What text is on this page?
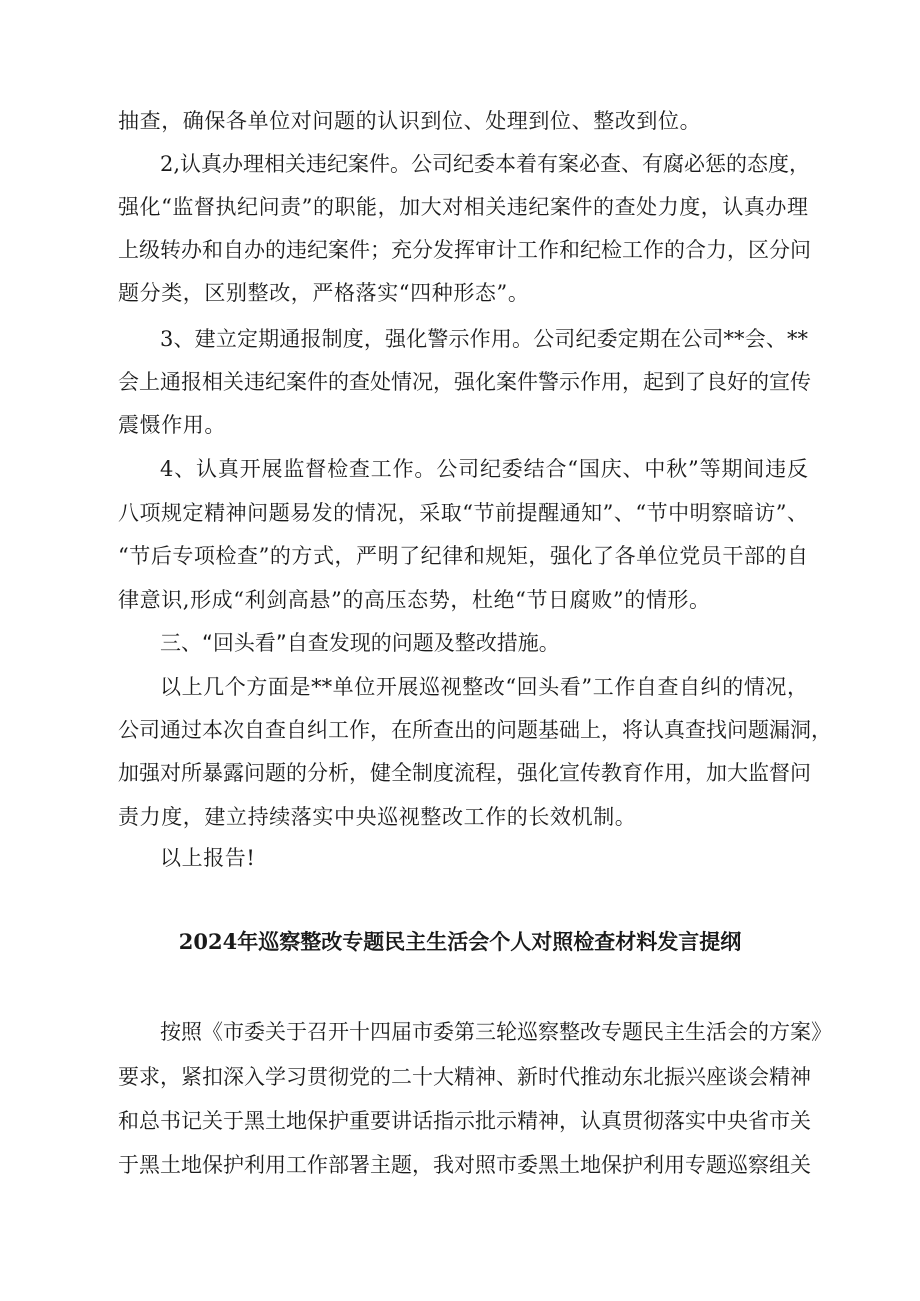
抽查，确保各单位对问题的认识到位、处理到位、整改到位。
2,认真办理相关违纪案件。公司纪委本着有案必查、有腐必惩的态度，
强化“监督执纪问责”的职能，加大对相关违纪案件的查处力度，认真办理
上级转办和自办的违纪案件；充分发挥审计工作和纪检工作的合力，区分问
题分类，区别整改，严格落实“四种形态”。
3、建立定期通报制度，强化警示作用。公司纪委定期在公司**会、**
会上通报相关违纪案件的查处情况，强化案件警示作用，起到了良好的宣传
震慑作用。
4、认真开展监督检查工作。公司纪委结合“国庆、中秋”等期间违反
八项规定精神问题易发的情况，采取“节前提醒通知”、“节中明察暗访”、
“节后专项检查”的方式，严明了纪律和规矩，强化了各单位党员干部的自
律意识,形成“利剑高悬”的高压态势，杜绝“节日腐败”的情形。
三、“回头看”自查发现的问题及整改措施。
以上几个方面是**单位开展巡视整改“回头看”工作自查自纠的情况，
公司通过本次自查自纠工作，在所查出的问题基础上，将认真查找问题漏洞，
加强对所暴露问题的分析，健全制度流程，强化宣传教育作用，加大监督问
责力度，建立持续落实中央巡视整改工作的长效机制。
以上报告!
2024年巡察整改专题民主生活会个人对照检查材料发言提纲
按照《市委关于召开十四届市委第三轮巡察整改专题民主生活会的方案》
要求，紧扣深入学习贯彻党的二十大精神、新时代推动东北振兴座谈会精神
和总书记关于黑土地保护重要讲话指示批示精神，认真贯彻落实中央省市关
于黑土地保护利用工作部署主题，我对照市委黑土地保护利用专题巡察组关
